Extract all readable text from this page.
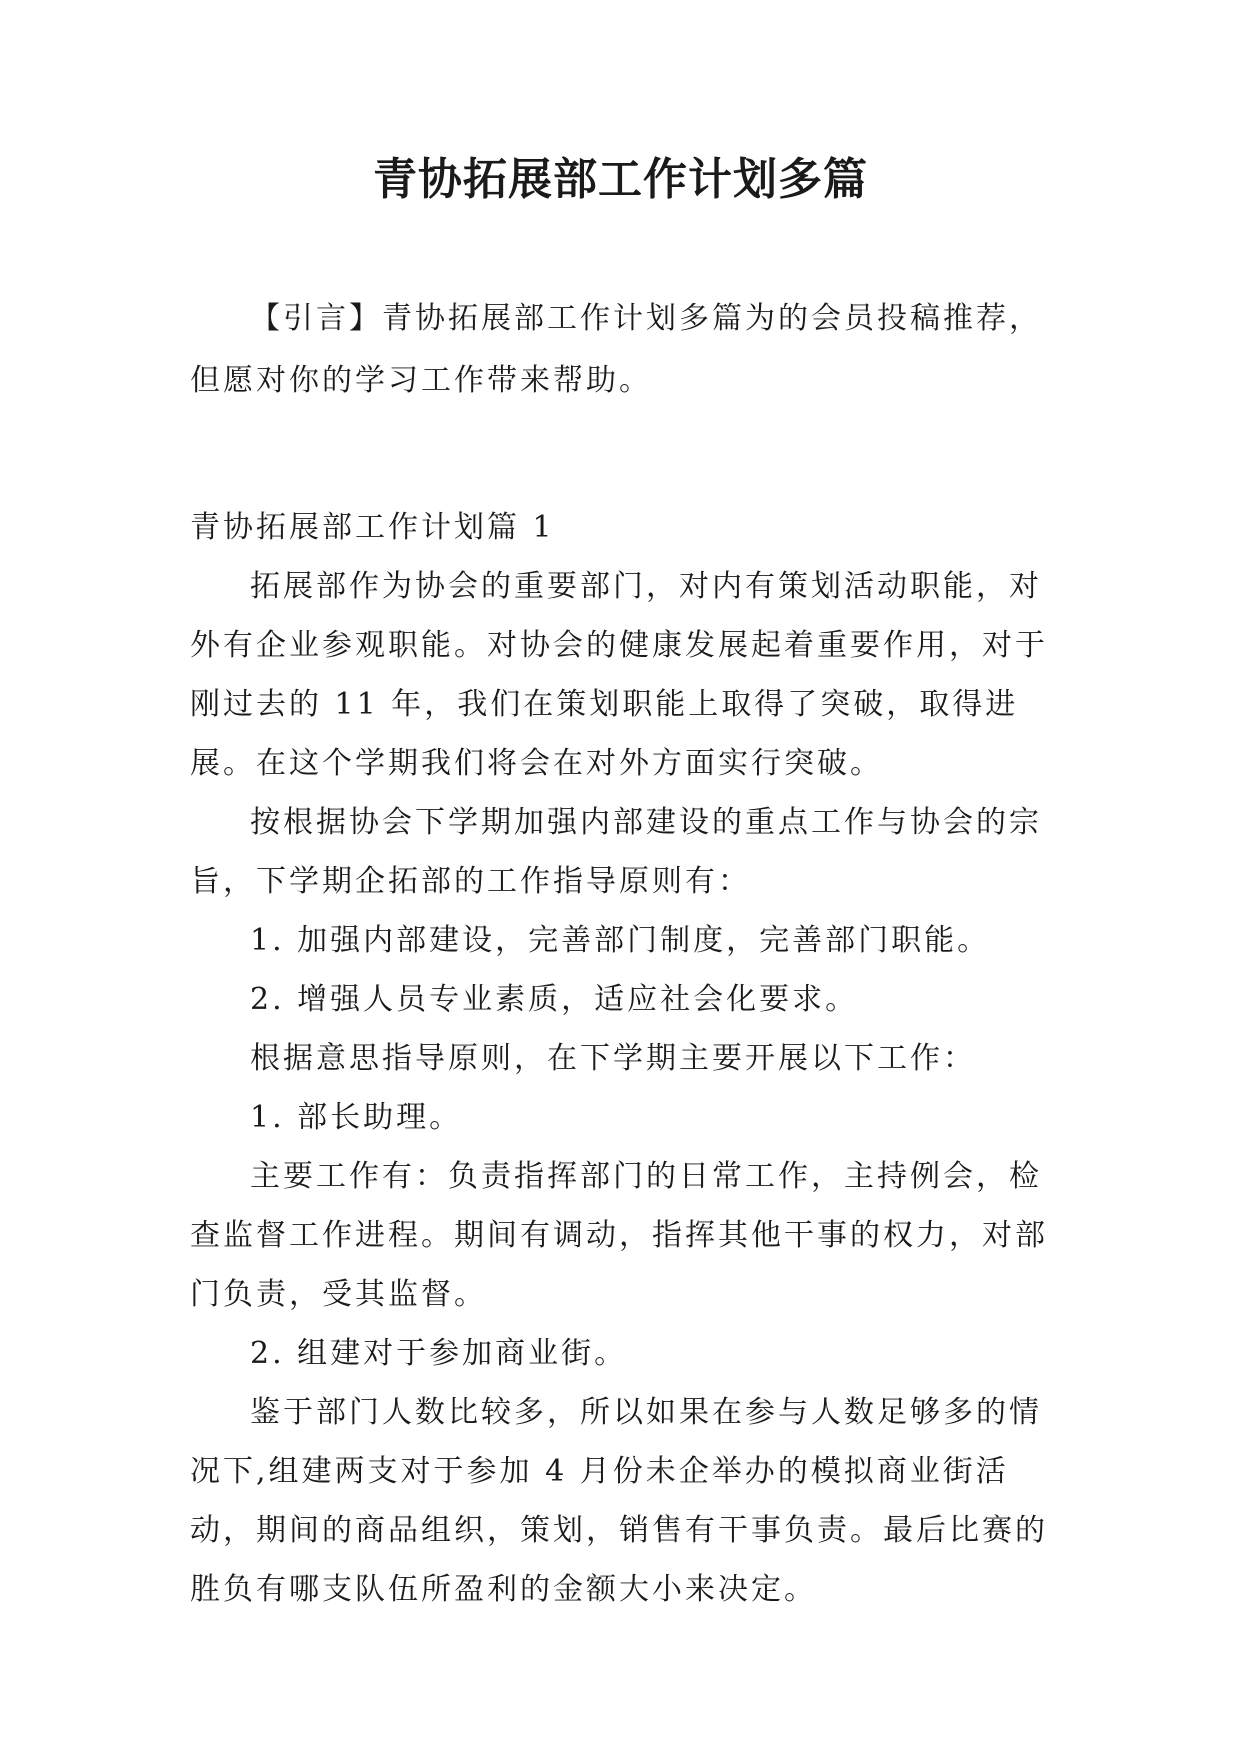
青协拓展部工作计划多篇

【引言】青协拓展部工作计划多篇为的会员投稿推荐，但愿对你的学习工作带来帮助。

青协拓展部工作计划篇 1

拓展部作为协会的重要部门，对内有策划活动职能，对外有企业参观职能。对协会的健康发展起着重要作用，对于刚过去的 11 年，我们在策划职能上取得了突破，取得进展。在这个学期我们将会在对外方面实行突破。

按根据协会下学期加强内部建设的重点工作与协会的宗旨，下学期企拓部的工作指导原则有：

1. 加强内部建设，完善部门制度，完善部门职能。

2. 增强人员专业素质，适应社会化要求。

根据意思指导原则，在下学期主要开展以下工作：

1. 部长助理。

主要工作有：负责指挥部门的日常工作，主持例会，检查监督工作进程。期间有调动，指挥其他干事的权力，对部门负责，受其监督。

2. 组建对于参加商业街。

鉴于部门人数比较多，所以如果在参与人数足够多的情况下,组建两支对于参加 4 月份未企举办的模拟商业街活动，期间的商品组织，策划，销售有干事负责。最后比赛的胜负有哪支队伍所盈利的金额大小来决定。
